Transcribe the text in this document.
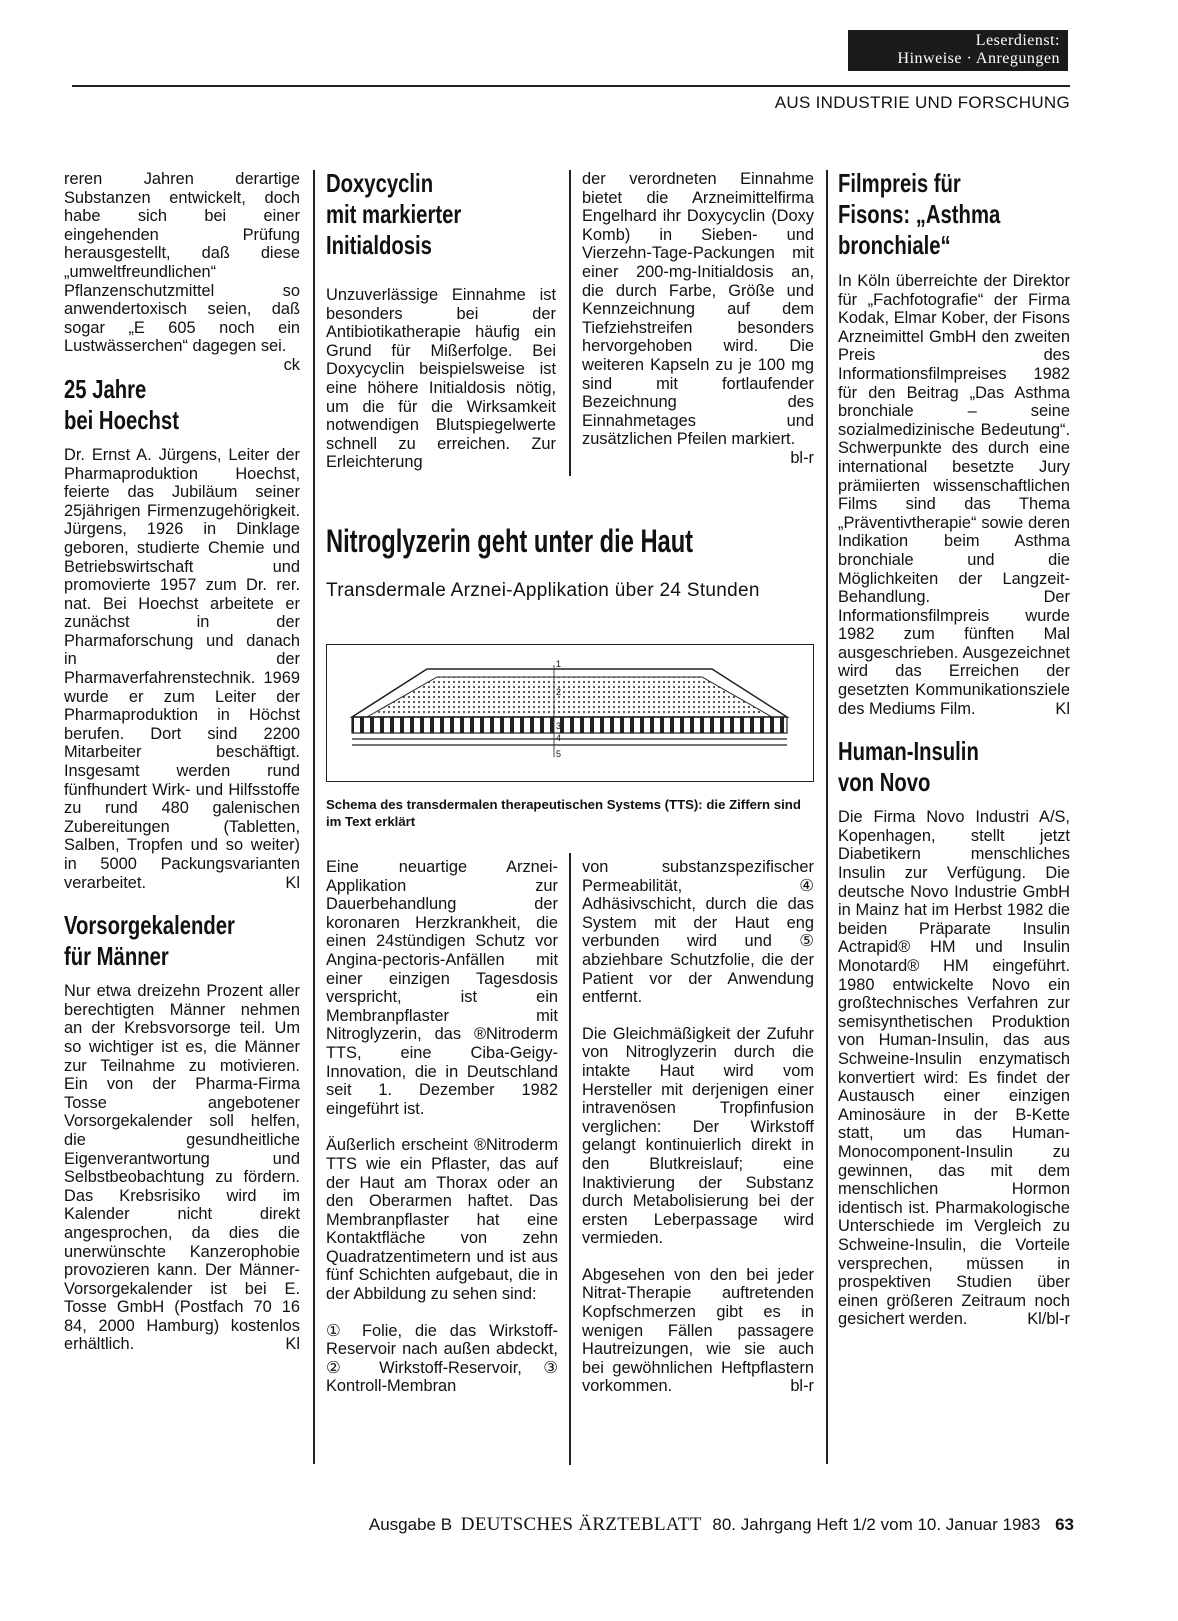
Leserdienst:
Hinweise · Anregungen
AUS INDUSTRIE UND FORSCHUNG

reren Jahren derartige Substanzen entwickelt, doch habe sich bei einer eingehenden Prüfung herausgestellt, daß diese „umweltfreundlichen“ Pflanzenschutzmittel so anwendertoxisch seien, daß sogar „E 605 noch ein Lustwässerchen“ dagegen sei.
ck

25 Jahre
bei Hoechst

Dr. Ernst A. Jürgens, Leiter der Pharmaproduktion Hoechst, feierte das Jubiläum seiner 25jährigen Firmenzugehörigkeit. Jürgens, 1926 in Dinklage geboren, studierte Chemie und Betriebswirtschaft und promovierte 1957 zum Dr. rer. nat. Bei Hoechst arbeitete er zunächst in der Pharmaforschung und danach in der Pharmaverfahrenstechnik. 1969 wurde er zum Leiter der Pharmaproduktion in Höchst berufen. Dort sind 2200 Mitarbeiter beschäftigt. Insgesamt werden rund fünfhundert Wirk- und Hilfsstoffe zu rund 480 galenischen Zubereitungen (Tabletten, Salben, Tropfen und so weiter) in 5000 Packungsvarianten verarbeitet.	Kl

Vorsorgekalender
für Männer

Nur etwa dreizehn Prozent aller berechtigten Männer nehmen an der Krebsvorsorge teil. Um so wichtiger ist es, die Männer zur Teilnahme zu motivieren. Ein von der Pharma-Firma Tosse angebotener Vorsorgekalender soll helfen, die gesundheitliche Eigenverantwortung und Selbstbeobachtung zu fördern. Das Krebsrisiko wird im Kalender nicht direkt angesprochen, da dies die unerwünschte Kanzerophobie provozieren kann. Der Männer-Vorsorgekalender ist bei E. Tosse GmbH (Postfach 70 16 84, 2000 Hamburg) kostenlos erhältlich.	Kl

Doxycyclin
mit markierter
Initialdosis

Unzuverlässige Einnahme ist besonders bei der Antibiotikatherapie häufig ein Grund für Mißerfolge. Bei Doxycyclin beispielsweise ist eine höhere Initialdosis nötig, um die für die Wirksamkeit notwendigen Blutspiegelwerte schnell zu erreichen. Zur Erleichterung

der verordneten Einnahme bietet die Arzneimittelfirma Engelhard ihr Doxycyclin (Doxy Komb) in Sieben- und Vierzehn-Tage-Packungen mit einer 200-mg-Initialdosis an, die durch Farbe, Größe und Kennzeichnung auf dem Tiefziehstreifen besonders hervorgehoben wird. Die weiteren Kapseln zu je 100 mg sind mit fortlaufender Bezeichnung des Einnahmetages und zusätzlichen Pfeilen markiert.
bl-r

Nitroglyzerin geht unter die Haut
Transdermale Arznei-Applikation über 24 Stunden
1
2
3
4
5
Schema des transdermalen therapeutischen Systems (TTS): die Ziffern sind im Text erklärt

Eine neuartige Arznei-Applikation zur Dauerbehandlung der koronaren Herzkrankheit, die einen 24stündigen Schutz vor Angina-pectoris-Anfällen mit einer einzigen Tagesdosis verspricht, ist ein Membranpflaster mit Nitroglyzerin, das ®Nitroderm TTS, eine Ciba-Geigy-Innovation, die in Deutschland seit 1. Dezember 1982 eingeführt ist.

Äußerlich erscheint ®Nitroderm TTS wie ein Pflaster, das auf der Haut am Thorax oder an den Oberarmen haftet. Das Membranpflaster hat eine Kontaktfläche von zehn Quadratzentimetern und ist aus fünf Schichten aufgebaut, die in der Abbildung zu sehen sind:

① Folie, die das Wirkstoff-Reservoir nach außen abdeckt, ② Wirkstoff-Reservoir, ③ Kontroll-Membran

von substanzspezifischer Permeabilität, ④ Adhäsivschicht, durch die das System mit der Haut eng verbunden wird und ⑤ abziehbare Schutzfolie, die der Patient vor der Anwendung entfernt.

Die Gleichmäßigkeit der Zufuhr von Nitroglyzerin durch die intakte Haut wird vom Hersteller mit derjenigen einer intravenösen Tropfinfusion verglichen: Der Wirkstoff gelangt kontinuierlich direkt in den Blutkreislauf; eine Inaktivierung der Substanz durch Metabolisierung bei der ersten Leberpassage wird vermieden.

Abgesehen von den bei jeder Nitrat-Therapie auftretenden Kopfschmerzen gibt es in wenigen Fällen passagere Hautreizungen, wie sie auch bei gewöhnlichen Heftpflastern vorkommen.	bl-r

Filmpreis für
Fisons: „Asthma
bronchiale“

In Köln überreichte der Direktor für „Fachfotografie“ der Firma Kodak, Elmar Kober, der Fisons Arzneimittel GmbH den zweiten Preis des Informationsfilmpreises 1982 für den Beitrag „Das Asthma bronchiale – seine sozialmedizinische Bedeutung“. Schwerpunkte des durch eine international besetzte Jury prämiierten wissenschaftlichen Films sind das Thema „Präventivtherapie“ sowie deren Indikation beim Asthma bronchiale und die Möglichkeiten der Langzeit-Behandlung. Der Informationsfilmpreis wurde 1982 zum fünften Mal ausgeschrieben. Ausgezeichnet wird das Erreichen der gesetzten Kommunikationsziele des Mediums Film.	Kl

Human-Insulin
von Novo

Die Firma Novo Industri A/S, Kopenhagen, stellt jetzt Diabetikern menschliches Insulin zur Verfügung. Die deutsche Novo Industrie GmbH in Mainz hat im Herbst 1982 die beiden Präparate Insulin Actrapid® HM und Insulin Monotard® HM eingeführt. 1980 entwickelte Novo ein großtechnisches Verfahren zur semisynthetischen Produktion von Human-Insulin, das aus Schweine-Insulin enzymatisch konvertiert wird: Es findet der Austausch einer einzigen Aminosäure in der B-Kette statt, um das Human-Monocomponent-Insulin zu gewinnen, das mit dem menschlichen Hormon identisch ist. Pharmakologische Unterschiede im Vergleich zu Schweine-Insulin, die Vorteile versprechen, müssen in prospektiven Studien über einen größeren Zeitraum noch gesichert werden.	Kl/bl-r

Ausgabe B DEUTSCHES ÄRZTEBLATT 80. Jahrgang Heft 1/2 vom 10. Januar 1983 63
